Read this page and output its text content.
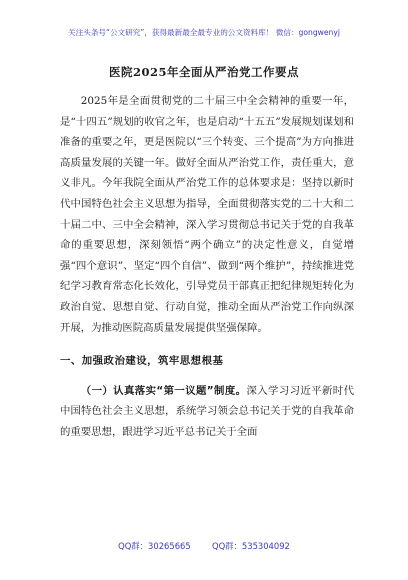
关注头条号“公文研究”，获得最新最全最专业的公文资料库！ 微信：gongwenyj
医院2025年全面从严治党工作要点

2025年是全面贯彻党的二十届三中全会精神的重要一年，是“十四五”规划的收官之年，也是启动“十五五”发展规划谋划和准备的重要之年，更是医院以“三个转变、三个提高”为方向推进高质量发展的关键一年。做好全面从严治党工作，责任重大，意义非凡。今年我院全面从严治党工作的总体要求是：坚持以新时代中国特色社会主义思想为指导，全面贯彻落实党的二十大和二十届二中、三中全会精神，深入学习贯彻总书记关于党的自我革命的重要思想，深刻领悟“两个确立”的决定性意义，自觉增强“四个意识”、坚定“四个自信”、做到“两个维护”，持续推进党纪学习教育常态化长效化，引导党员干部真正把纪律规矩转化为政治自觉、思想自觉、行动自觉，推动全面从严治党工作向纵深开展，为推动医院高质量发展提供坚强保障。

一、加强政治建设，筑牢思想根基

（一）认真落实“第一议题”制度。深入学习习近平新时代中国特色社会主义思想，系统学习领会总书记关于党的自我革命的重要思想，跟进学习近平总书记关于全面

QQ群：30265665        QQ群：535304092
